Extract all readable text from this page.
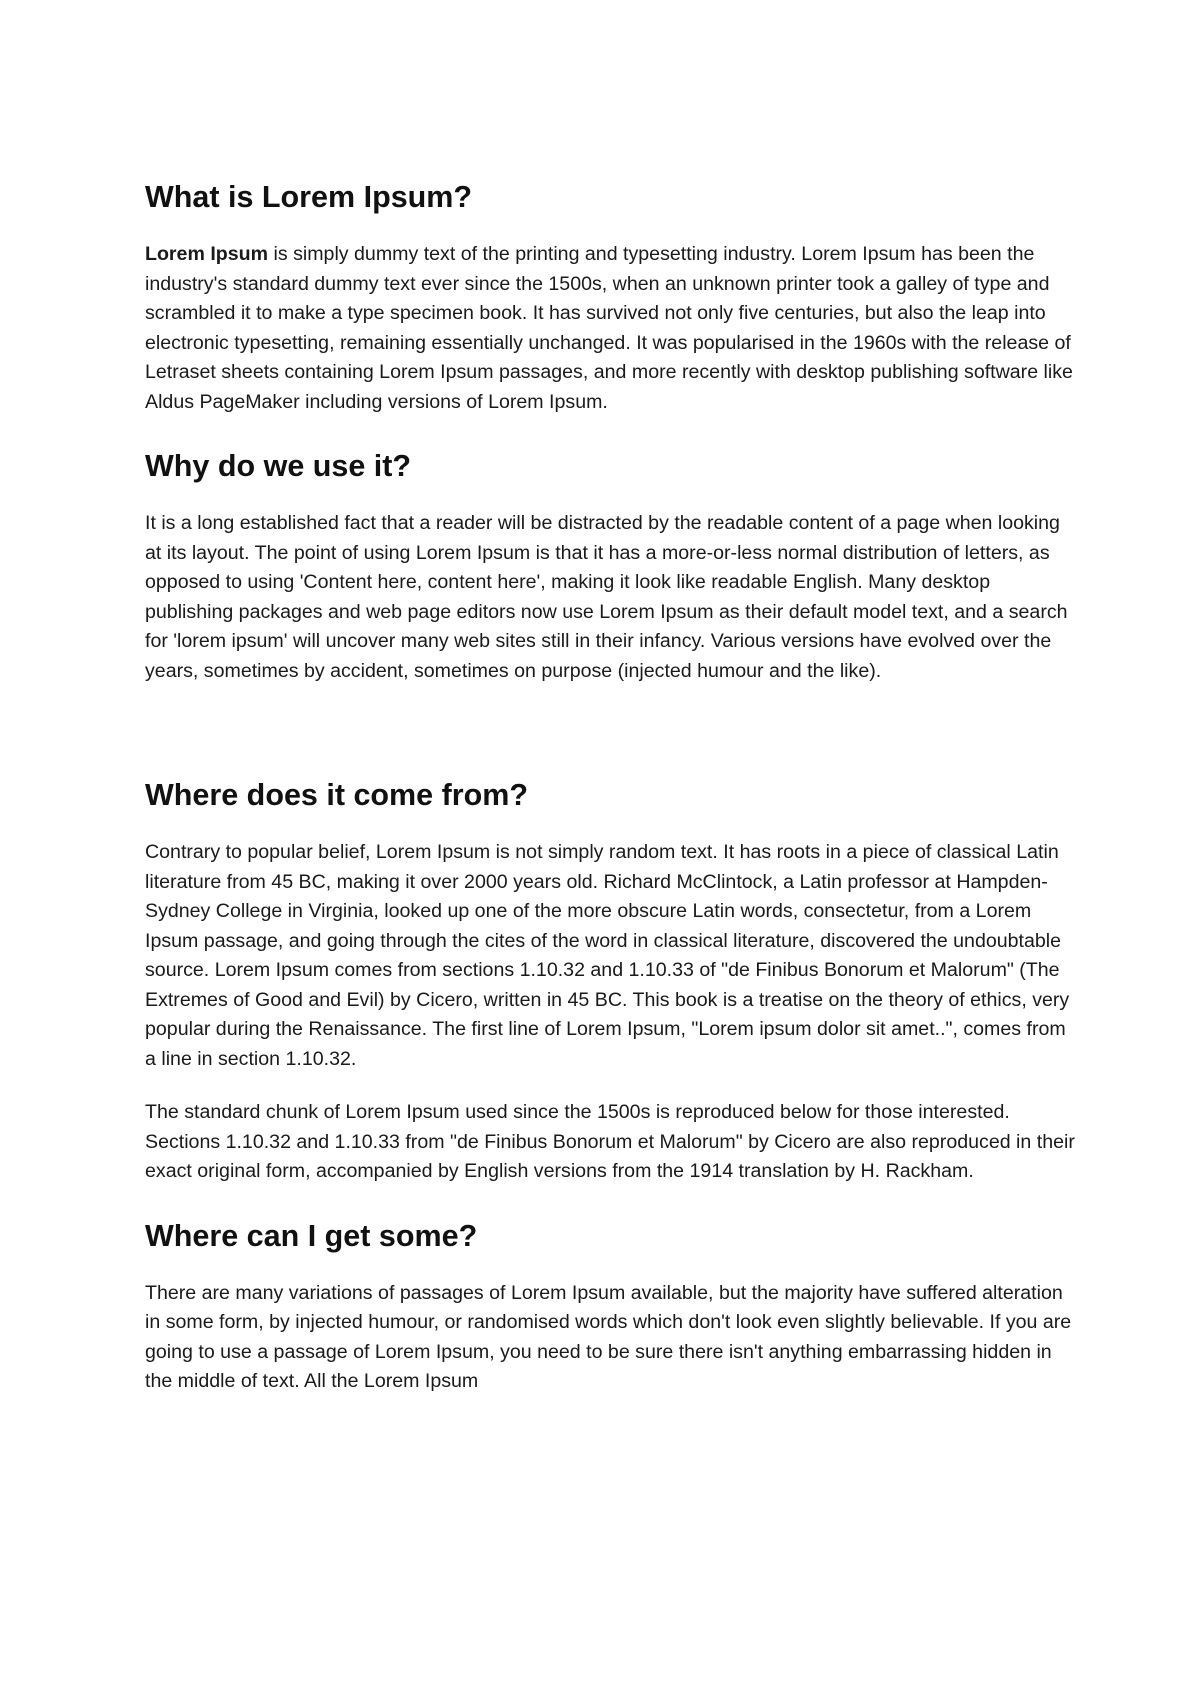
What is Lorem Ipsum?

Lorem Ipsum is simply dummy text of the printing and typesetting industry. Lorem Ipsum has been the industry's standard dummy text ever since the 1500s, when an unknown printer took a galley of type and scrambled it to make a type specimen book. It has survived not only five centuries, but also the leap into electronic typesetting, remaining essentially unchanged. It was popularised in the 1960s with the release of Letraset sheets containing Lorem Ipsum passages, and more recently with desktop publishing software like Aldus PageMaker including versions of Lorem Ipsum.

Why do we use it?

It is a long established fact that a reader will be distracted by the readable content of a page when looking at its layout. The point of using Lorem Ipsum is that it has a more-or-less normal distribution of letters, as opposed to using 'Content here, content here', making it look like readable English. Many desktop publishing packages and web page editors now use Lorem Ipsum as their default model text, and a search for 'lorem ipsum' will uncover many web sites still in their infancy. Various versions have evolved over the years, sometimes by accident, sometimes on purpose (injected humour and the like).

Where does it come from?

Contrary to popular belief, Lorem Ipsum is not simply random text. It has roots in a piece of classical Latin literature from 45 BC, making it over 2000 years old. Richard McClintock, a Latin professor at Hampden-Sydney College in Virginia, looked up one of the more obscure Latin words, consectetur, from a Lorem Ipsum passage, and going through the cites of the word in classical literature, discovered the undoubtable source. Lorem Ipsum comes from sections 1.10.32 and 1.10.33 of "de Finibus Bonorum et Malorum" (The Extremes of Good and Evil) by Cicero, written in 45 BC. This book is a treatise on the theory of ethics, very popular during the Renaissance. The first line of Lorem Ipsum, "Lorem ipsum dolor sit amet..", comes from a line in section 1.10.32.

The standard chunk of Lorem Ipsum used since the 1500s is reproduced below for those interested. Sections 1.10.32 and 1.10.33 from "de Finibus Bonorum et Malorum" by Cicero are also reproduced in their exact original form, accompanied by English versions from the 1914 translation by H. Rackham.

Where can I get some?

There are many variations of passages of Lorem Ipsum available, but the majority have suffered alteration in some form, by injected humour, or randomised words which don't look even slightly believable. If you are going to use a passage of Lorem Ipsum, you need to be sure there isn't anything embarrassing hidden in the middle of text. All the Lorem Ipsum
